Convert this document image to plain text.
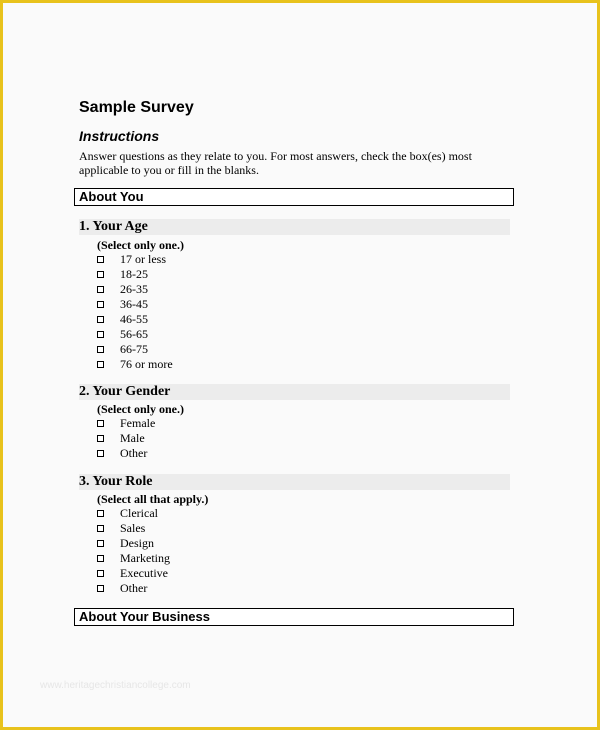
Sample Survey
Instructions
Answer questions as they relate to you. For most answers, check the box(es) most applicable to you or fill in the blanks.
About You
1. Your Age
(Select only one.)
17 or less
18-25
26-35
36-45
46-55
56-65
66-75
76 or more
2. Your Gender
(Select only one.)
Female
Male
Other
3. Your Role
(Select all that apply.)
Clerical
Sales
Design
Marketing
Executive
Other
About Your Business
www.heritagechristiancollege.com
